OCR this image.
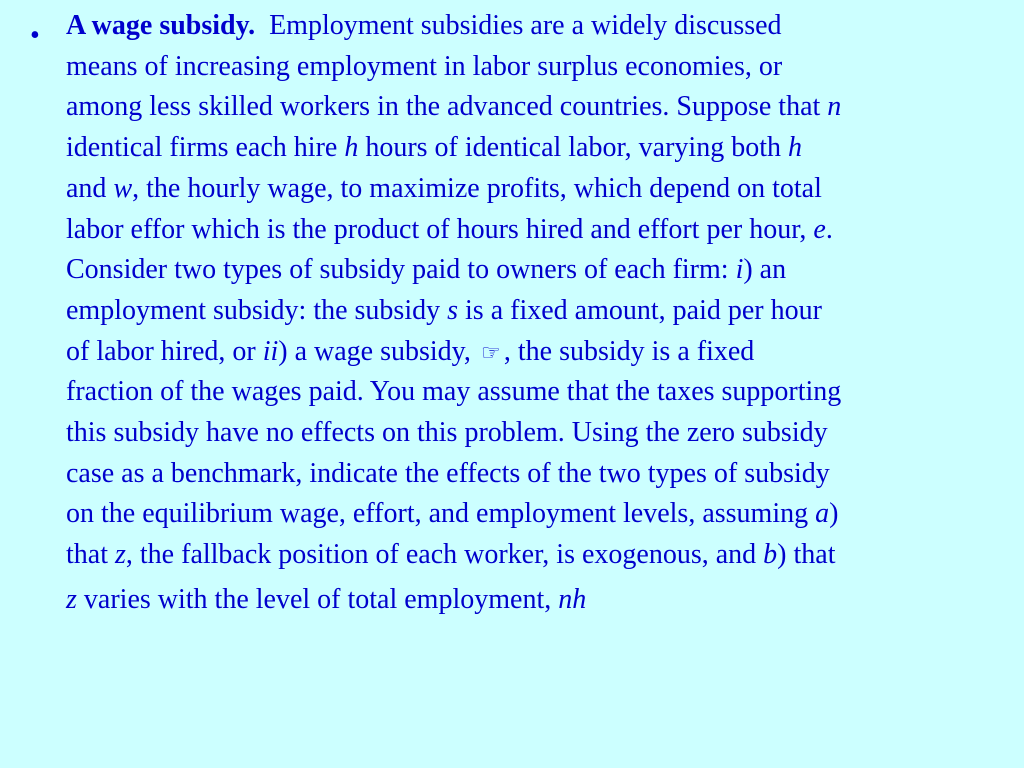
• A wage subsidy. Employment subsidies are a widely discussed
means of increasing employment in labor surplus economies, or
among less skilled workers in the advanced countries. Suppose that n
identical firms each hire h hours of identical labor, varying both h
and w, the hourly wage, to maximize profits, which depend on total
labor effor which is the product of hours hired and effort per hour, e.
Consider two types of subsidy paid to owners of each firm: i) an
employment subsidy: the subsidy s is a fixed amount, paid per hour
of labor hired, or ii) a wage subsidy, ☞ , the subsidy is a fixed
fraction of the wages paid. You may assume that the taxes supporting
this subsidy have no effects on this problem. Using the zero subsidy
case as a benchmark, indicate the effects of the two types of subsidy
on the equilibrium wage, effort, and employment levels, assuming a)
that z, the fallback position of each worker, is exogenous, and b) that
z varies with the level of total employment, nh
